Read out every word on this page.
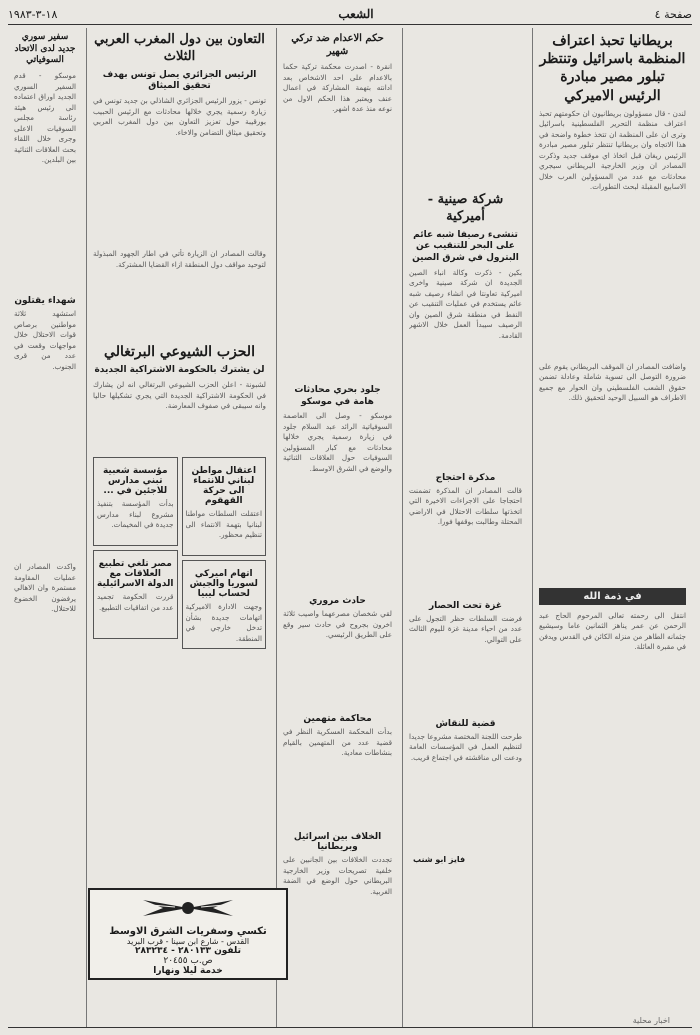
صفحة ٤
الشعب
١٨-٣-١٩٨٣
بريطانيا تحبذ اعتراف المنظمة باسرائيل وتنتظر تبلور مصير مبادرة الرئيس الاميركي
لندن - قال مسؤولون بريطانيون ان حكومتهم تحبذ اعتراف منظمة التحرير الفلسطينية باسرائيل وترى ان على المنظمة ان تتخذ خطوة واضحة في هذا الاتجاه وان بريطانيا تنتظر تبلور مصير مبادرة الرئيس ريغان قبل اتخاذ اي موقف جديد وذكرت المصادر ان وزير الخارجية البريطاني سيجري محادثات مع عدد من المسؤولين العرب خلال الاسابيع المقبلة لبحث التطورات.
واضافت المصادر ان الموقف البريطاني يقوم على ضرورة التوصل الى تسوية شاملة وعادلة تضمن حقوق الشعب الفلسطيني وان الحوار مع جميع الاطراف هو السبيل الوحيد لتحقيق ذلك.
في ذمة الله
انتقل الى رحمته تعالى المرحوم الحاج عبد الرحمن عن عمر يناهز الثمانين عاما وسيشيع جثمانه الطاهر من منزله الكائن في القدس ويدفن في مقبرة العائلة.
شركة صينية - أميركية
تنشىء رصيفا شبه عائم على البحر للتنقيب عن البترول في شرق الصين
بكين - ذكرت وكالة انباء الصين الجديدة ان شركة صينية واخرى اميركية تعاونتا في انشاء رصيف شبه عائم يستخدم في عمليات التنقيب عن النفط في منطقة شرق الصين وان الرصيف سيبدأ العمل خلال الاشهر القادمة.
مذكرة احتجاج
قالت المصادر ان المذكرة تضمنت احتجاجا على الاجراءات الاخيرة التي اتخذتها سلطات الاحتلال في الاراضي المحتلة وطالبت بوقفها فورا.
غزة تحت الحصار
فرضت السلطات حظر التجول على عدد من احياء مدينة غزة لليوم الثالث على التوالي.
قضية للنقاش
طرحت اللجنة المختصة مشروعا جديدا لتنظيم العمل في المؤسسات العامة ودعت الى مناقشته في اجتماع قريب.
فايز ابو شنب
حكم الاعدام ضد تركي شهير
انقرة - اصدرت محكمة تركية حكما بالاعدام على احد الاشخاص بعد ادانته بتهمة المشاركة في اعمال عنف ويعتبر هذا الحكم الاول من نوعه منذ عدة اشهر.
جلود بحري محادثات هامة في موسكو
موسكو - وصل الى العاصمة السوفياتية الرائد عبد السلام جلود في زيارة رسمية يجري خلالها محادثات مع كبار المسؤولين السوفيات حول العلاقات الثنائية والوضع في الشرق الاوسط.
حادث مروري
لقي شخصان مصرعهما واصيب ثلاثة اخرون بجروح في حادث سير وقع على الطريق الرئيسي.
محاكمة متهمين
بدأت المحكمة العسكرية النظر في قضية عدد من المتهمين بالقيام بنشاطات معادية.
الخلاف بين اسرائيل وبريطانيا
تجددت الخلافات بين الجانبين على خلفية تصريحات وزير الخارجية البريطاني حول الوضع في الضفة الغربية.
التعاون بين دول المغرب العربي الثلاث
الرئيس الجزائري يصل تونس بهدف تحقيق الميثاق
تونس - يزور الرئيس الجزائري الشاذلي بن جديد تونس في زيارة رسمية يجري خلالها محادثات مع الرئيس الحبيب بورقيبة حول تعزيز التعاون بين دول المغرب العربي وتحقيق ميثاق التضامن والاخاء.
وقالت المصادر ان الزيارة تأتي في اطار الجهود المبذولة لتوحيد مواقف دول المنطقة ازاء القضايا المشتركة.
الحزب الشيوعي البرتغالي
لن يشترك بالحكومة الاشتراكية الجديدة
لشبونة - اعلن الحزب الشيوعي البرتغالي انه لن يشارك في الحكومة الاشتراكية الجديدة التي يجري تشكيلها حاليا وانه سيبقى في صفوف المعارضة.
اعتقال مواطن لبناني للانتماء الى حركة القهقوم
اعتقلت السلطات مواطنا لبنانيا بتهمة الانتماء الى تنظيم محظور.
اتهام اميركي لسوريا والجيش لحساب ليبيا
وجهت الادارة الاميركية اتهامات جديدة بشأن تدخل خارجي في المنطقة.
مؤسسة شعبية تبني مدارس للاجئين في ...
بدأت المؤسسة بتنفيذ مشروع لبناء مدارس جديدة في المخيمات.
مصر تلغي تطبيع العلاقات مع الدولة الاسرائيلية
قررت الحكومة تجميد عدد من اتفاقيات التطبيع.
سفير سوري جديد لدى الاتحاد السوفياتي
موسكو - قدم السفير السوري الجديد اوراق اعتماده الى رئيس هيئة رئاسة مجلس السوفيات الاعلى وجرى خلال اللقاء بحث العلاقات الثنائية بين البلدين.
شهداء يقتلون
استشهد ثلاثة مواطنين برصاص قوات الاحتلال خلال مواجهات وقعت في عدد من قرى الجنوب.
واكدت المصادر ان عمليات المقاومة مستمرة وان الاهالي يرفضون الخضوع للاحتلال.
تكسي وسفريات الشرق الاوسط
القدس - شارع ابن سينا - قرب البريد
تلفون ٢٨٠١٣٣ - ٢٨٣٢٣٤
ص.ب ٢٠٤٥٥
خدمة ليلا ونهارا
اخبار محلية
